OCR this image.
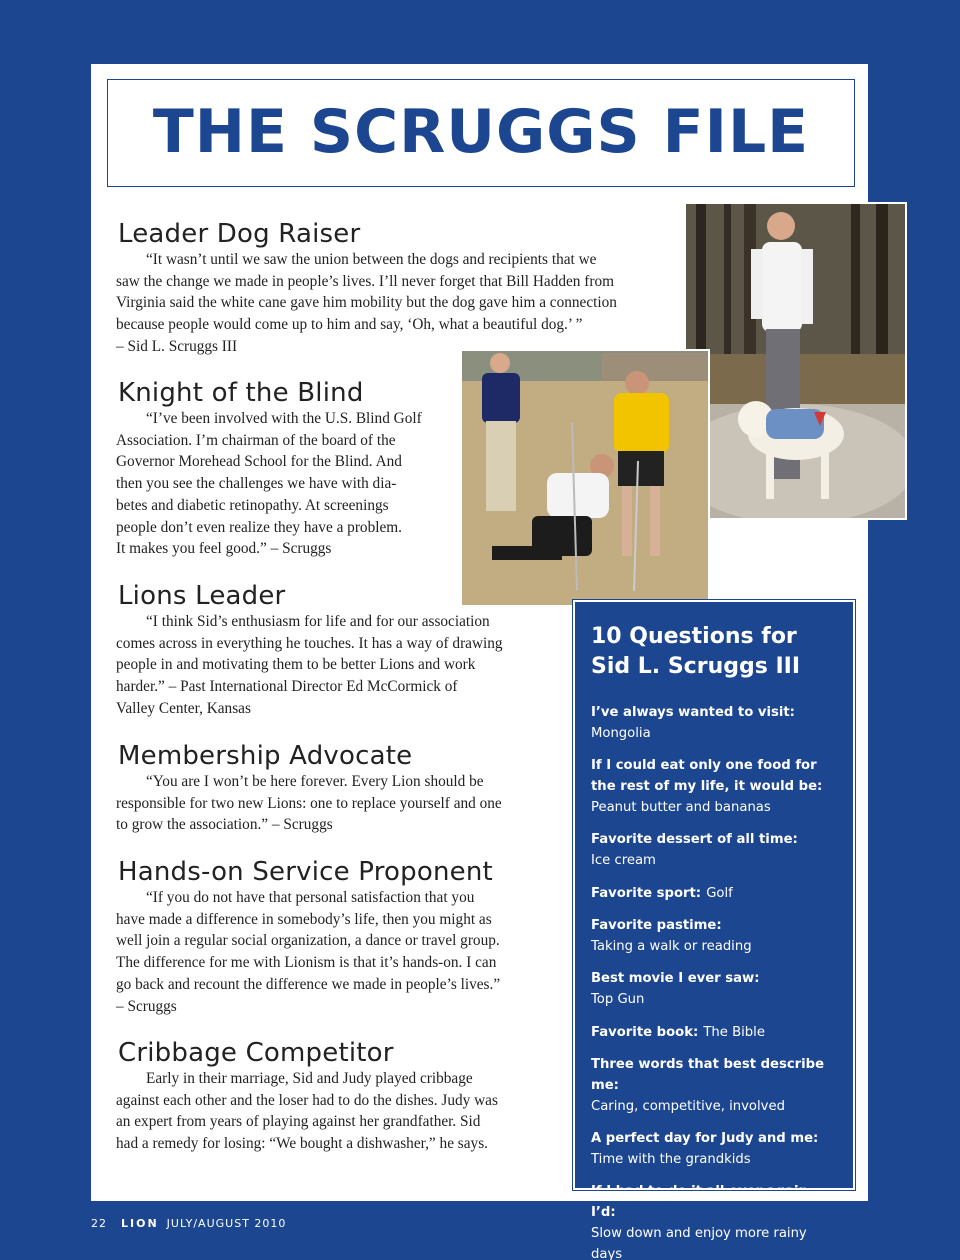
THE SCRUGGS FILE
Leader Dog Raiser

“It wasn’t until we saw the union between the dogs and recipients that we
saw the change we made in people’s lives. I’ll never forget that Bill Hadden from
Virginia said the white cane gave him mobility but the dog gave him a connection
because people would come up to him and say, ‘Oh, what a beautiful dog.’ ”
– Sid L. Scruggs III

Knight of the Blind

“I’ve been involved with the U.S. Blind Golf
Association. I’m chairman of the board of the
Governor Morehead School for the Blind. And
then you see the challenges we have with dia-
betes and diabetic retinopathy. At screenings
people don’t even realize they have a problem.
It makes you feel good.” – Scruggs

Lions Leader

“I think Sid’s enthusiasm for life and for our association
comes across in everything he touches. It has a way of drawing
people in and motivating them to be better Lions and work
harder.” – Past International Director Ed McCormick of
Valley Center, Kansas

Membership Advocate

“You are I won’t be here forever. Every Lion should be
responsible for two new Lions: one to replace yourself and one
to grow the association.” – Scruggs

Hands-on Service Proponent

“If you do not have that personal satisfaction that you
have made a difference in somebody’s life, then you might as
well join a regular social organization, a dance or travel group.
The difference for me with Lionism is that it’s hands-on. I can
go back and recount the difference we made in people’s lives.”
– Scruggs

Cribbage Competitor

Early in their marriage, Sid and Judy played cribbage
against each other and the loser had to do the dishes. Judy was
an expert from years of playing against her grandfather. Sid
had a remedy for losing: “We bought a dishwasher,” he says.

10 Questions for
Sid L. Scruggs III
I’ve always wanted to visit:
Mongolia
If I could eat only one food for
the rest of my life, it would be:
Peanut butter and bananas
Favorite dessert of all time:
Ice cream
Favorite sport: Golf
Favorite pastime:
Taking a walk or reading
Best movie I ever saw:
Top Gun
Favorite book: The Bible
Three words that best describe me:
Caring, competitive, involved
A perfect day for Judy and me:
Time with the grandkids
If I had to do it all over again, I’d:
Slow down and enjoy more rainy days
22 LION JULY/AUGUST 2010
